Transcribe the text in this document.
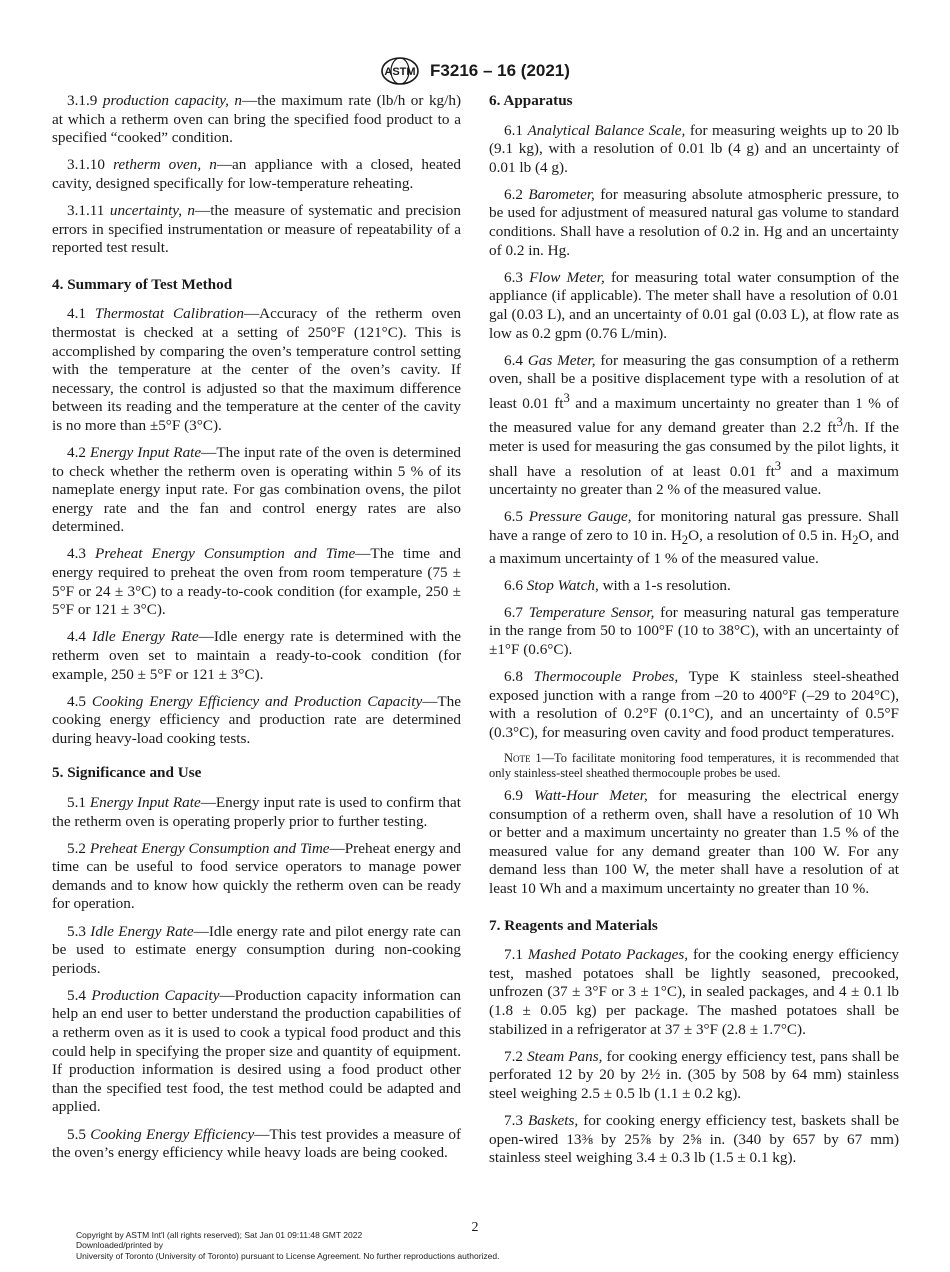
ASTM F3216 – 16 (2021)

3.1.9 production capacity, n—the maximum rate (lb/h or kg/h) at which a retherm oven can bring the specified food product to a specified “cooked” condition.

3.1.10 retherm oven, n—an appliance with a closed, heated cavity, designed specifically for low-temperature reheating.

3.1.11 uncertainty, n—the measure of systematic and precision errors in specified instrumentation or measure of repeatability of a reported test result.

4. Summary of Test Method

4.1 Thermostat Calibration—Accuracy of the retherm oven thermostat is checked at a setting of 250°F (121°C). This is accomplished by comparing the oven’s temperature control setting with the temperature at the center of the oven’s cavity. If necessary, the control is adjusted so that the maximum difference between its reading and the temperature at the center of the cavity is no more than ±5°F (3°C).

4.2 Energy Input Rate—The input rate of the oven is determined to check whether the retherm oven is operating within 5 % of its nameplate energy input rate. For gas combination ovens, the pilot energy rate and the fan and control energy rates are also determined.

4.3 Preheat Energy Consumption and Time—The time and energy required to preheat the oven from room temperature (75 ± 5°F or 24 ± 3°C) to a ready-to-cook condition (for example, 250 ± 5°F or 121 ± 3°C).

4.4 Idle Energy Rate—Idle energy rate is determined with the retherm oven set to maintain a ready-to-cook condition (for example, 250 ± 5°F or 121 ± 3°C).

4.5 Cooking Energy Efficiency and Production Capacity—The cooking energy efficiency and production rate are determined during heavy-load cooking tests.

5. Significance and Use

5.1 Energy Input Rate—Energy input rate is used to confirm that the retherm oven is operating properly prior to further testing.

5.2 Preheat Energy Consumption and Time—Preheat energy and time can be useful to food service operators to manage power demands and to know how quickly the retherm oven can be ready for operation.

5.3 Idle Energy Rate—Idle energy rate and pilot energy rate can be used to estimate energy consumption during non-cooking periods.

5.4 Production Capacity—Production capacity information can help an end user to better understand the production capabilities of a retherm oven as it is used to cook a typical food product and this could help in specifying the proper size and quantity of equipment. If production information is desired using a food product other than the specified test food, the test method could be adapted and applied.

5.5 Cooking Energy Efficiency—This test provides a measure of the oven’s energy efficiency while heavy loads are being cooked.

6. Apparatus

6.1 Analytical Balance Scale, for measuring weights up to 20 lb (9.1 kg), with a resolution of 0.01 lb (4 g) and an uncertainty of 0.01 lb (4 g).

6.2 Barometer, for measuring absolute atmospheric pressure, to be used for adjustment of measured natural gas volume to standard conditions. Shall have a resolution of 0.2 in. Hg and an uncertainty of 0.2 in. Hg.

6.3 Flow Meter, for measuring total water consumption of the appliance (if applicable). The meter shall have a resolution of 0.01 gal (0.03 L), and an uncertainty of 0.01 gal (0.03 L), at flow rate as low as 0.2 gpm (0.76 L/min).

6.4 Gas Meter, for measuring the gas consumption of a retherm oven, shall be a positive displacement type with a resolution of at least 0.01 $ft^3$ and a maximum uncertainty no greater than 1 % of the measured value for any demand greater than 2.2 $ft^3/h$. If the meter is used for measuring the gas consumed by the pilot lights, it shall have a resolution of at least 0.01 $ft^3$ and a maximum uncertainty no greater than 2 % of the measured value.

6.5 Pressure Gauge, for monitoring natural gas pressure. Shall have a range of zero to 10 in. $H_2O$, a resolution of 0.5 in. $H_2O$, and a maximum uncertainty of 1 % of the measured value.

6.6 Stop Watch, with a 1-s resolution.

6.7 Temperature Sensor, for measuring natural gas temperature in the range from 50 to 100°F (10 to 38°C), with an uncertainty of ±1°F (0.6°C).

6.8 Thermocouple Probes, Type K stainless steel-sheathed exposed junction with a range from –20 to 400°F (–29 to 204°C), with a resolution of 0.2°F (0.1°C), and an uncertainty of 0.5°F (0.3°C), for measuring oven cavity and food product temperatures.

Note 1—To facilitate monitoring food temperatures, it is recommended that only stainless-steel sheathed thermocouple probes be used.

6.9 Watt-Hour Meter, for measuring the electrical energy consumption of a retherm oven, shall have a resolution of 10 Wh or better and a maximum uncertainty no greater than 1.5 % of the measured value for any demand greater than 100 W. For any demand less than 100 W, the meter shall have a resolution of at least 10 Wh and a maximum uncertainty no greater than 10 %.

7. Reagents and Materials

7.1 Mashed Potato Packages, for the cooking energy efficiency test, mashed potatoes shall be lightly seasoned, precooked, unfrozen (37 ± 3°F or 3 ± 1°C), in sealed packages, and 4 ± 0.1 lb (1.8 ± 0.05 kg) per package. The mashed potatoes shall be stabilized in a refrigerator at 37 ± 3°F (2.8 ± 1.7°C).

7.2 Steam Pans, for cooking energy efficiency test, pans shall be perforated 12 by 20 by 2½ in. (305 by 508 by 64 mm) stainless steel weighing 2.5 ± 0.5 lb (1.1 ± 0.2 kg).

7.3 Baskets, for cooking energy efficiency test, baskets shall be open-wired 13⅜ by 25⅞ by 2⅝ in. (340 by 657 by 67 mm) stainless steel weighing 3.4 ± 0.3 lb (1.5 ± 0.1 kg).

2
Copyright by ASTM Int'l (all rights reserved); Sat Jan 01 09:11:48 GMT 2022
Downloaded/printed by
University of Toronto (University of Toronto) pursuant to License Agreement. No further reproductions authorized.
